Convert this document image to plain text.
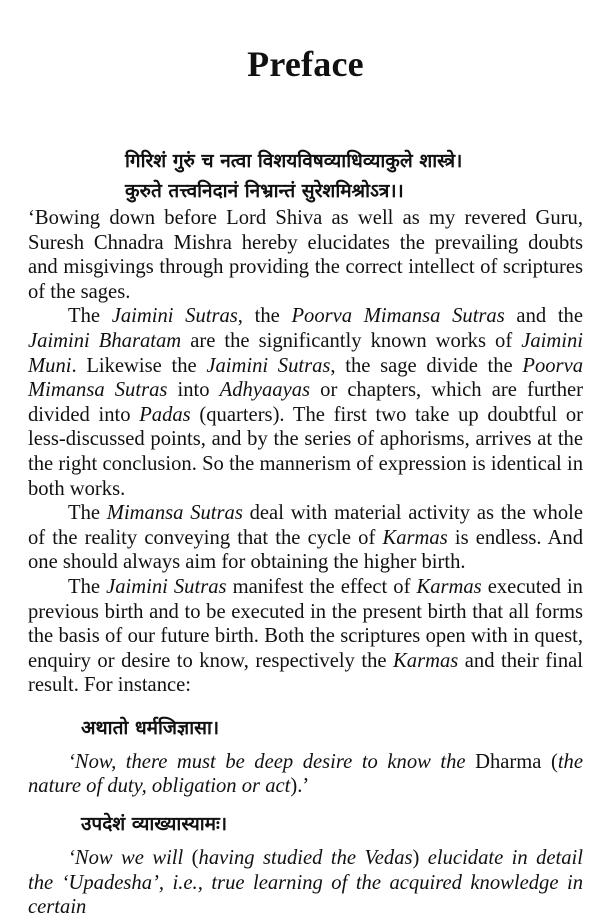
Preface

गिरिशं गुरुं च नत्वा विशयविषव्याधिव्याकुले शास्त्रे।

कुरुते तत्त्वनिदानं निभ्रान्तं सुरेशमिश्रोऽत्र।।

‘Bowing down before Lord Shiva as well as my revered Guru, Suresh Chnadra Mishra hereby elucidates the prevailing doubts and misgivings through providing the correct intellect of scriptures of the sages.

The Jaimini Sutras, the Poorva Mimansa Sutras and the Jaimini Bharatam are the significantly known works of Jaimini Muni. Likewise the Jaimini Sutras, the sage divide the Poorva Mimansa Sutras into Adhyaayas or chapters, which are further divided into Padas (quarters). The first two take up doubtful or less-discussed points, and by the series of aphorisms, arrives at the the right conclusion. So the mannerism of expression is identical in both works.

The Mimansa Sutras deal with material activity as the whole of the reality conveying that the cycle of Karmas is endless. And one should always aim for obtaining the higher birth.

The Jaimini Sutras manifest the effect of Karmas executed in previous birth and to be executed in the present birth that all forms the basis of our future birth. Both the scriptures open with in quest, enquiry or desire to know, respectively the Karmas and their final result. For instance:

अथातो धर्मजिज्ञासा।

‘Now, there must be deep desire to know the Dharma (the nature of duty, obligation or act).’

उपदेशं व्याख्यास्यामः।

‘Now we will (having studied the Vedas) elucidate in detail the ‘Upadesha’, i.e., true learning of the acquired knowledge in certain
